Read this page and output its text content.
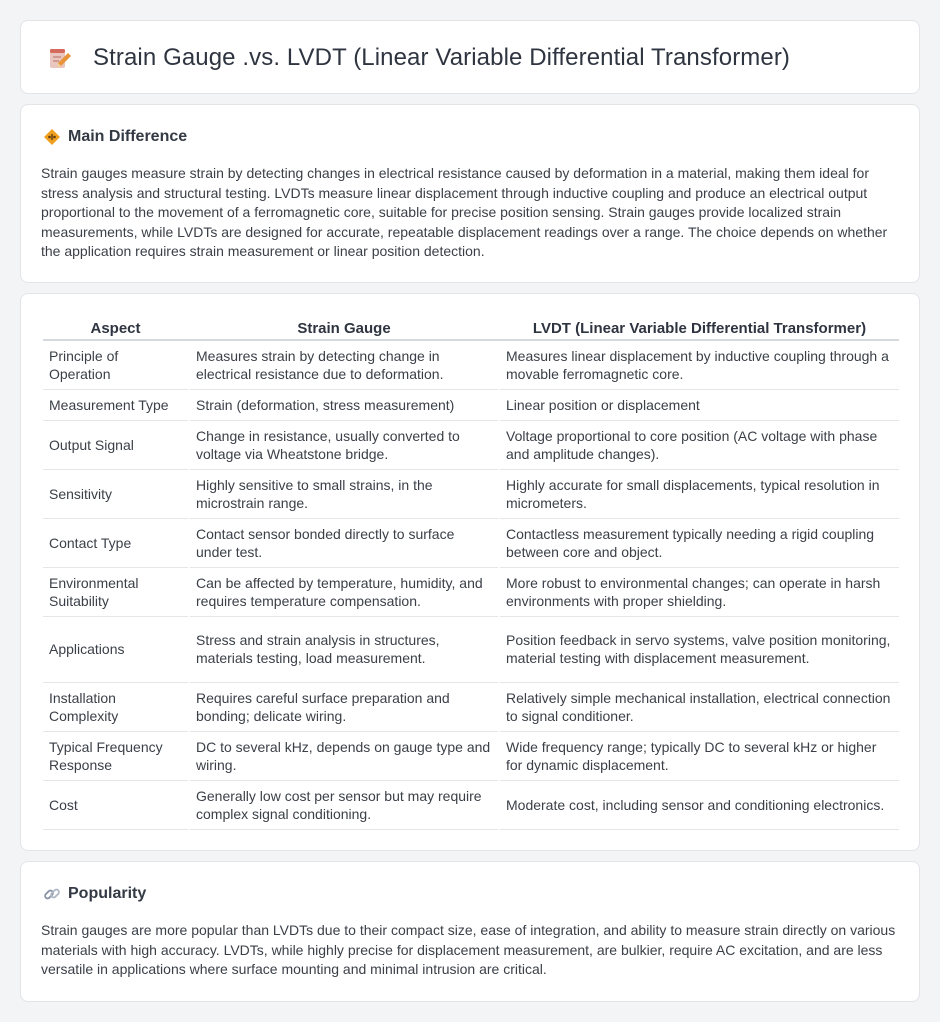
Strain Gauge .vs. LVDT (Linear Variable Differential Transformer)
Main Difference

Strain gauges measure strain by detecting changes in electrical resistance caused by deformation in a material, making them ideal for stress analysis and structural testing. LVDTs measure linear displacement through inductive coupling and produce an electrical output proportional to the movement of a ferromagnetic core, suitable for precise position sensing. Strain gauges provide localized strain measurements, while LVDTs are designed for accurate, repeatable displacement readings over a range. The choice depends on whether the application requires strain measurement or linear position detection.

Aspect	Strain Gauge	LVDT (Linear Variable Differential Transformer)
Principle of Operation	Measures strain by detecting change in electrical resistance due to deformation.	Measures linear displacement by inductive coupling through a movable ferromagnetic core.
Measurement Type	Strain (deformation, stress measurement)	Linear position or displacement
Output Signal	Change in resistance, usually converted to voltage via Wheatstone bridge.	Voltage proportional to core position (AC voltage with phase and amplitude changes).
Sensitivity	Highly sensitive to small strains, in the microstrain range.	Highly accurate for small displacements, typical resolution in micrometers.
Contact Type	Contact sensor bonded directly to surface under test.	Contactless measurement typically needing a rigid coupling between core and object.
Environmental Suitability	Can be affected by temperature, humidity, and requires temperature compensation.	More robust to environmental changes; can operate in harsh environments with proper shielding.
Applications	Stress and strain analysis in structures, materials testing, load measurement.	Position feedback in servo systems, valve position monitoring, material testing with displacement measurement.
Installation Complexity	Requires careful surface preparation and bonding; delicate wiring.	Relatively simple mechanical installation, electrical connection to signal conditioner.
Typical Frequency Response	DC to several kHz, depends on gauge type and wiring.	Wide frequency range; typically DC to several kHz or higher for dynamic displacement.
Cost	Generally low cost per sensor but may require complex signal conditioning.	Moderate cost, including sensor and conditioning electronics.
Popularity

Strain gauges are more popular than LVDTs due to their compact size, ease of integration, and ability to measure strain directly on various materials with high accuracy. LVDTs, while highly precise for displacement measurement, are bulkier, require AC excitation, and are less versatile in applications where surface mounting and minimal intrusion are critical.
